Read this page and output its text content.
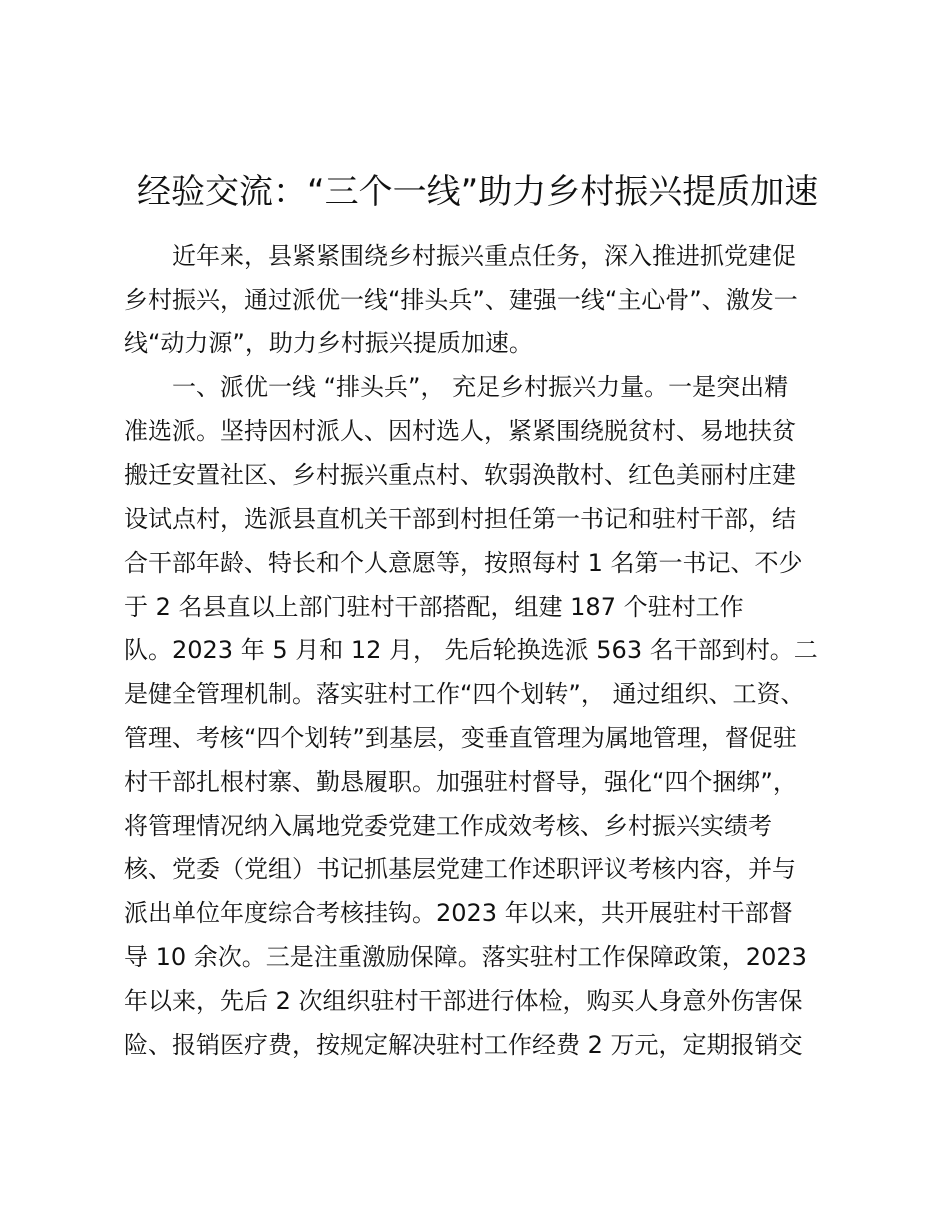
经验交流：“三个一线”助力乡村振兴提质加速
近年来，县紧紧围绕乡村振兴重点任务，深入推进抓党建促
乡村振兴，通过派优一线“排头兵”、建强一线“主心骨”、激发一
线“动力源”，助力乡村振兴提质加速。
一、派优一线 “排头兵”， 充足乡村振兴力量。一是突出精
准选派。坚持因村派人、因村选人，紧紧围绕脱贫村、易地扶贫
搬迁安置社区、乡村振兴重点村、软弱涣散村、红色美丽村庄建
设试点村，选派县直机关干部到村担任第一书记和驻村干部，结
合干部年龄、特长和个人意愿等，按照每村 1 名第一书记、不少
于 2 名县直以上部门驻村干部搭配，组建 187 个驻村工作
队。2023 年 5 月和 12 月， 先后轮换选派 563 名干部到村。二
是健全管理机制。落实驻村工作“四个划转”， 通过组织、工资、
管理、考核“四个划转”到基层，变垂直管理为属地管理，督促驻
村干部扎根村寨、勤恳履职。加强驻村督导，强化“四个捆绑”，
将管理情况纳入属地党委党建工作成效考核、乡村振兴实绩考
核、党委（党组）书记抓基层党建工作述职评议考核内容，并与
派出单位年度综合考核挂钩。2023 年以来，共开展驻村干部督
导 10 余次。三是注重激励保障。落实驻村工作保障政策，2023
年以来，先后 2 次组织驻村干部进行体检，购买人身意外伤害保
险、报销医疗费，按规定解决驻村工作经费 2 万元，定期报销交
